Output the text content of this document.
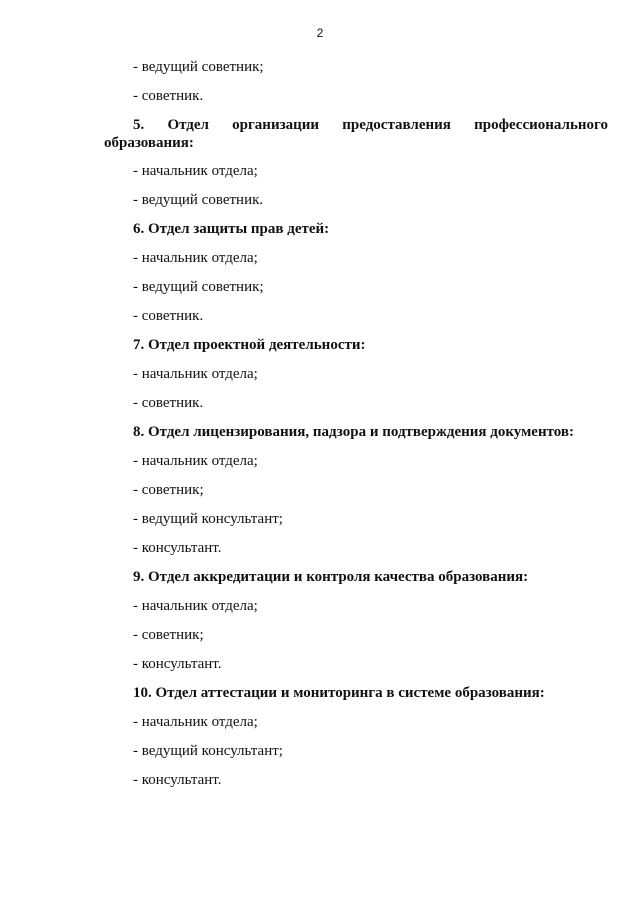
2
- ведущий советник;
- советник.
5. Отдел организации предоставления профессионального
образования:
- начальник отдела;
- ведущий советник.
6. Отдел защиты прав детей:
- начальник отдела;
- ведущий советник;
- советник.
7. Отдел проектной деятельности:
- начальник отдела;
- советник.
8. Отдел лицензирования, падзора и подтверждения документов:
- начальник отдела;
- советник;
- ведущий консультант;
- консультант.
9. Отдел аккредитации и контроля качества образования:
- начальник отдела;
- советник;
- консультант.
10. Отдел аттестации и мониторинга в системе образования:
- начальник отдела;
- ведущий консультант;
- консультант.
